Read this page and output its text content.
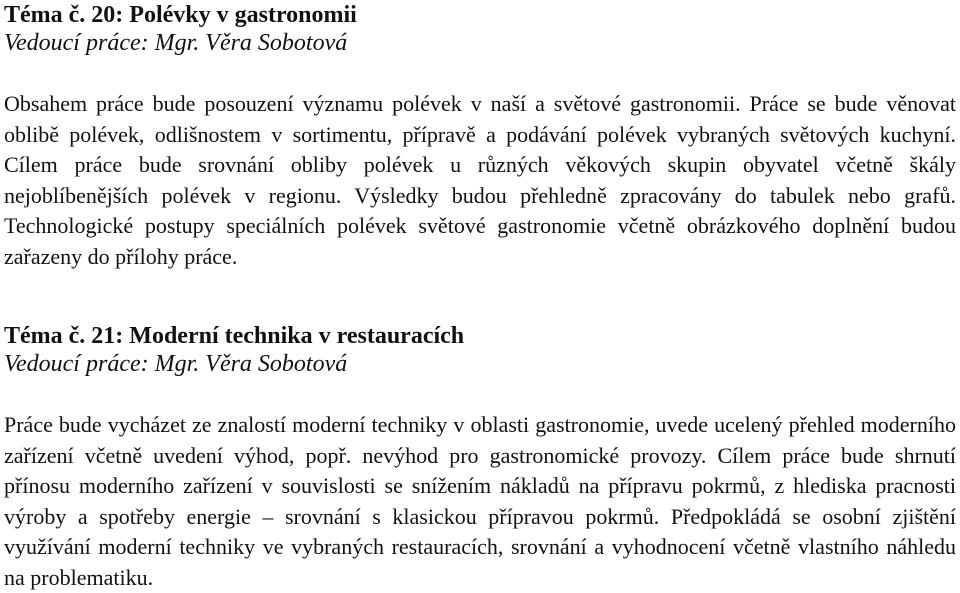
Téma č. 20: Polévky v gastronomii

Vedoucí práce: Mgr. Věra Sobotová

Obsahem práce bude posouzení významu polévek v naší a světové gastronomii. Práce se bude věnovat oblibě polévek, odlišnostem v sortimentu, přípravě a podávání polévek vybraných světových kuchyní. Cílem práce bude srovnání obliby polévek u různých věkových skupin obyvatel včetně škály nejoblíbenějších polévek v regionu. Výsledky budou přehledně zpracovány do tabulek nebo grafů. Technologické postupy speciálních polévek světové gastronomie včetně obrázkového doplnění budou zařazeny do přílohy práce.

Téma č. 21: Moderní technika v restauracích

Vedoucí práce: Mgr. Věra Sobotová

Práce bude vycházet ze znalostí moderní techniky v oblasti gastronomie, uvede ucelený přehled moderního zařízení včetně uvedení výhod, popř. nevýhod pro gastronomické provozy. Cílem práce bude shrnutí přínosu moderního zařízení v souvislosti se snížením nákladů na přípravu pokrmů, z hlediska pracnosti výroby a spotřeby energie – srovnání s klasickou přípravou pokrmů. Předpokládá se osobní zjištění využívání moderní techniky ve vybraných restauracích, srovnání a vyhodnocení včetně vlastního náhledu na problematiku.
